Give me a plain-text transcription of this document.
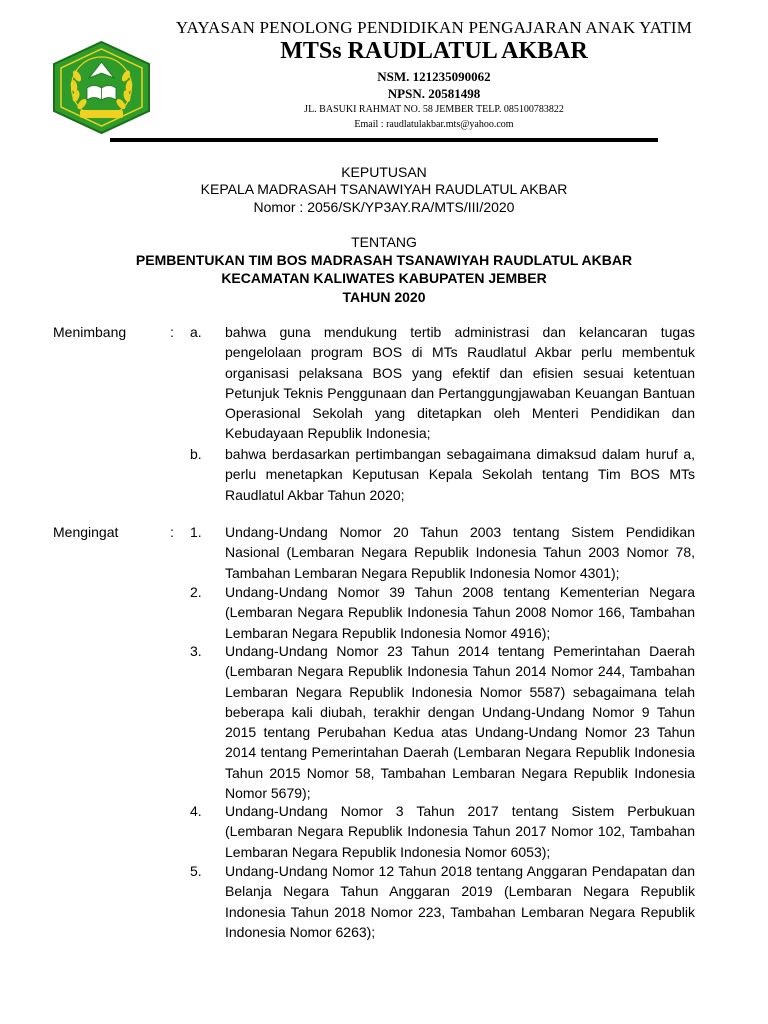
YAYASAN PENOLONG PENDIDIKAN PENGAJARAN ANAK YATIM
MTSs RAUDLATUL AKBAR
NSM. 121235090062
NPSN. 20581498
JL. BASUKI RAHMAT NO. 58 JEMBER TELP. 085100783822
Email : raudlatulakbar.mts@yahoo.com
KEPUTUSAN
KEPALA MADRASAH TSANAWIYAH RAUDLATUL AKBAR
Nomor : 2056/SK/YP3AY.RA/MTS/III/2020
TENTANG
PEMBENTUKAN TIM BOS MADRASAH TSANAWIYAH RAUDLATUL AKBAR
KECAMATAN KALIWATES KABUPATEN JEMBER
TAHUN 2020
Menimbang	: a. bahwa guna mendukung tertib administrasi dan kelancaran tugas pengelolaan program BOS di MTs Raudlatul Akbar perlu membentuk organisasi pelaksana BOS yang efektif dan efisien sesuai ketentuan Petunjuk Teknis Penggunaan dan Pertanggungjawaban Keuangan Bantuan Operasional Sekolah yang ditetapkan oleh Menteri Pendidikan dan Kebudayaan Republik Indonesia;
b. bahwa berdasarkan pertimbangan sebagaimana dimaksud dalam huruf a, perlu menetapkan Keputusan Kepala Sekolah tentang Tim BOS MTs Raudlatul Akbar Tahun 2020;
Mengingat	: 1. Undang-Undang Nomor 20 Tahun 2003 tentang Sistem Pendidikan Nasional (Lembaran Negara Republik Indonesia Tahun 2003 Nomor 78, Tambahan Lembaran Negara Republik Indonesia Nomor 4301);
2. Undang-Undang Nomor 39 Tahun 2008 tentang Kementerian Negara (Lembaran Negara Republik Indonesia Tahun 2008 Nomor 166, Tambahan Lembaran Negara Republik Indonesia Nomor 4916);
3. Undang-Undang Nomor 23 Tahun 2014 tentang Pemerintahan Daerah (Lembaran Negara Republik Indonesia Tahun 2014 Nomor 244, Tambahan Lembaran Negara Republik Indonesia Nomor 5587) sebagaimana telah beberapa kali diubah, terakhir dengan Undang-Undang Nomor 9 Tahun 2015 tentang Perubahan Kedua atas Undang-Undang Nomor 23 Tahun 2014 tentang Pemerintahan Daerah (Lembaran Negara Republik Indonesia Tahun 2015 Nomor 58, Tambahan Lembaran Negara Republik Indonesia Nomor 5679);
4. Undang-Undang Nomor 3 Tahun 2017 tentang Sistem Perbukuan (Lembaran Negara Republik Indonesia Tahun 2017 Nomor 102, Tambahan Lembaran Negara Republik Indonesia Nomor 6053);
5. Undang-Undang Nomor 12 Tahun 2018 tentang Anggaran Pendapatan dan Belanja Negara Tahun Anggaran 2019 (Lembaran Negara Republik Indonesia Tahun 2018 Nomor 223, Tambahan Lembaran Negara Republik Indonesia Nomor 6263);
